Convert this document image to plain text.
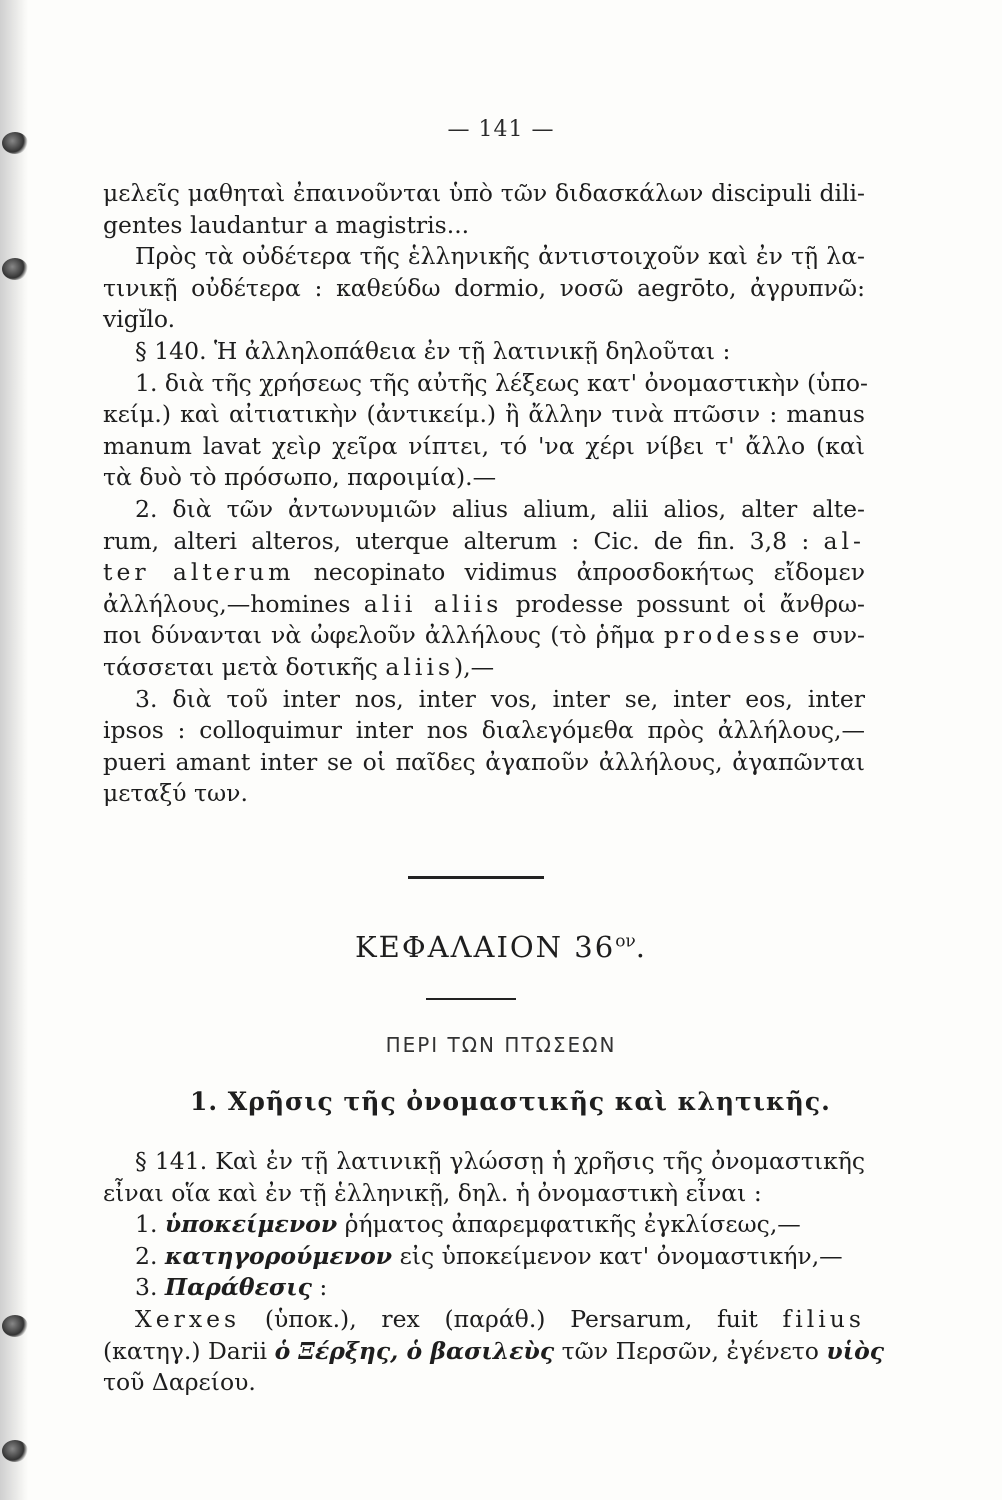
— 141 —

μελεῖς μαθηταὶ ἐπαινοῦνται ὑπὸ τῶν διδασκάλων discipuli dili-
gentes laudantur a magistris...

Πρὸς τὰ οὐδέτερα τῆς ἑλληνικῆς ἀντιστοιχοῦν καὶ ἐν τῇ λα-
τινικῇ οὐδέτερα : καθεύδω dormio, νοσῶ aegrōto, ἀγρυπνῶ:
vigĭlo.

§ 140. Ἡ ἀλληλοπάθεια ἐν τῇ λατινικῇ δηλοῦται :
1. διὰ τῆς χρήσεως τῆς αὐτῆς λέξεως κατ' ὀνομαστικὴν (ὑπο-
κείμ.) καὶ αἰτιατικὴν (ἀντικείμ.) ἢ ἄλλην τινὰ πτῶσιν : manus
manum lavat χεὶρ χεῖρα νίπτει, τό 'να χέρι νίβει τ' ἄλλο (καὶ
τὰ δυὸ τὸ πρόσωπο, παροιμία).—
2. διὰ τῶν ἀντωνυμιῶν alius alium, alii alios, alter alte-
rum, alteri alteros, uterque alterum : Cic. de fin. 3,8 : al-
ter alterum necopinato vidimus ἀπροσδοκήτως εἴδομεν
ἀλλήλους,—homines alii aliis prodesse possunt οἱ ἄνθρω-
ποι δύνανται νὰ ὠφελοῦν ἀλλήλους (τὸ ῥῆμα prodesse συν-
τάσσεται μετὰ δοτικῆς aliis),—
3. διὰ τοῦ inter nos, inter vos, inter se, inter eos, inter
ipsos : colloquimur inter nos διαλεγόμεθα πρὸς ἀλλήλους,—
pueri amant inter se οἱ παῖδες ἀγαποῦν ἀλλήλους, ἀγαπῶνται
μεταξύ των.

ΚΕΦΑΛΑΙΟΝ $36^{o\nu}$.
ΠΕΡΙ ΤΩΝ ΠΤΩΣΕΩΝ
1. Χρῆσις τῆς ὀνομαστικῆς καὶ κλητικῆς.

§ 141. Καὶ ἐν τῇ λατινικῇ γλώσσῃ ἡ χρῆσις τῆς ὀνομαστικῆς
εἶναι οἵα καὶ ἐν τῇ ἑλληνικῇ, δηλ. ἡ ὀνομαστικὴ εἶναι :
1. ὑποκείμενον ῥήματος ἀπαρεμφατικῆς ἐγκλίσεως,—
2. κατηγορούμενον εἰς ὑποκείμενον κατ' ὀνομαστικήν,—
3. Παράθεσις :
Xerxes (ὑποκ.), rex (παράθ.) Persarum, fuit filius
(κατηγ.) Darii ὁ Ξέρξης, ὁ βασιλεὺς τῶν Περσῶν, ἐγένετο υἱὸς
τοῦ Δαρείου.
